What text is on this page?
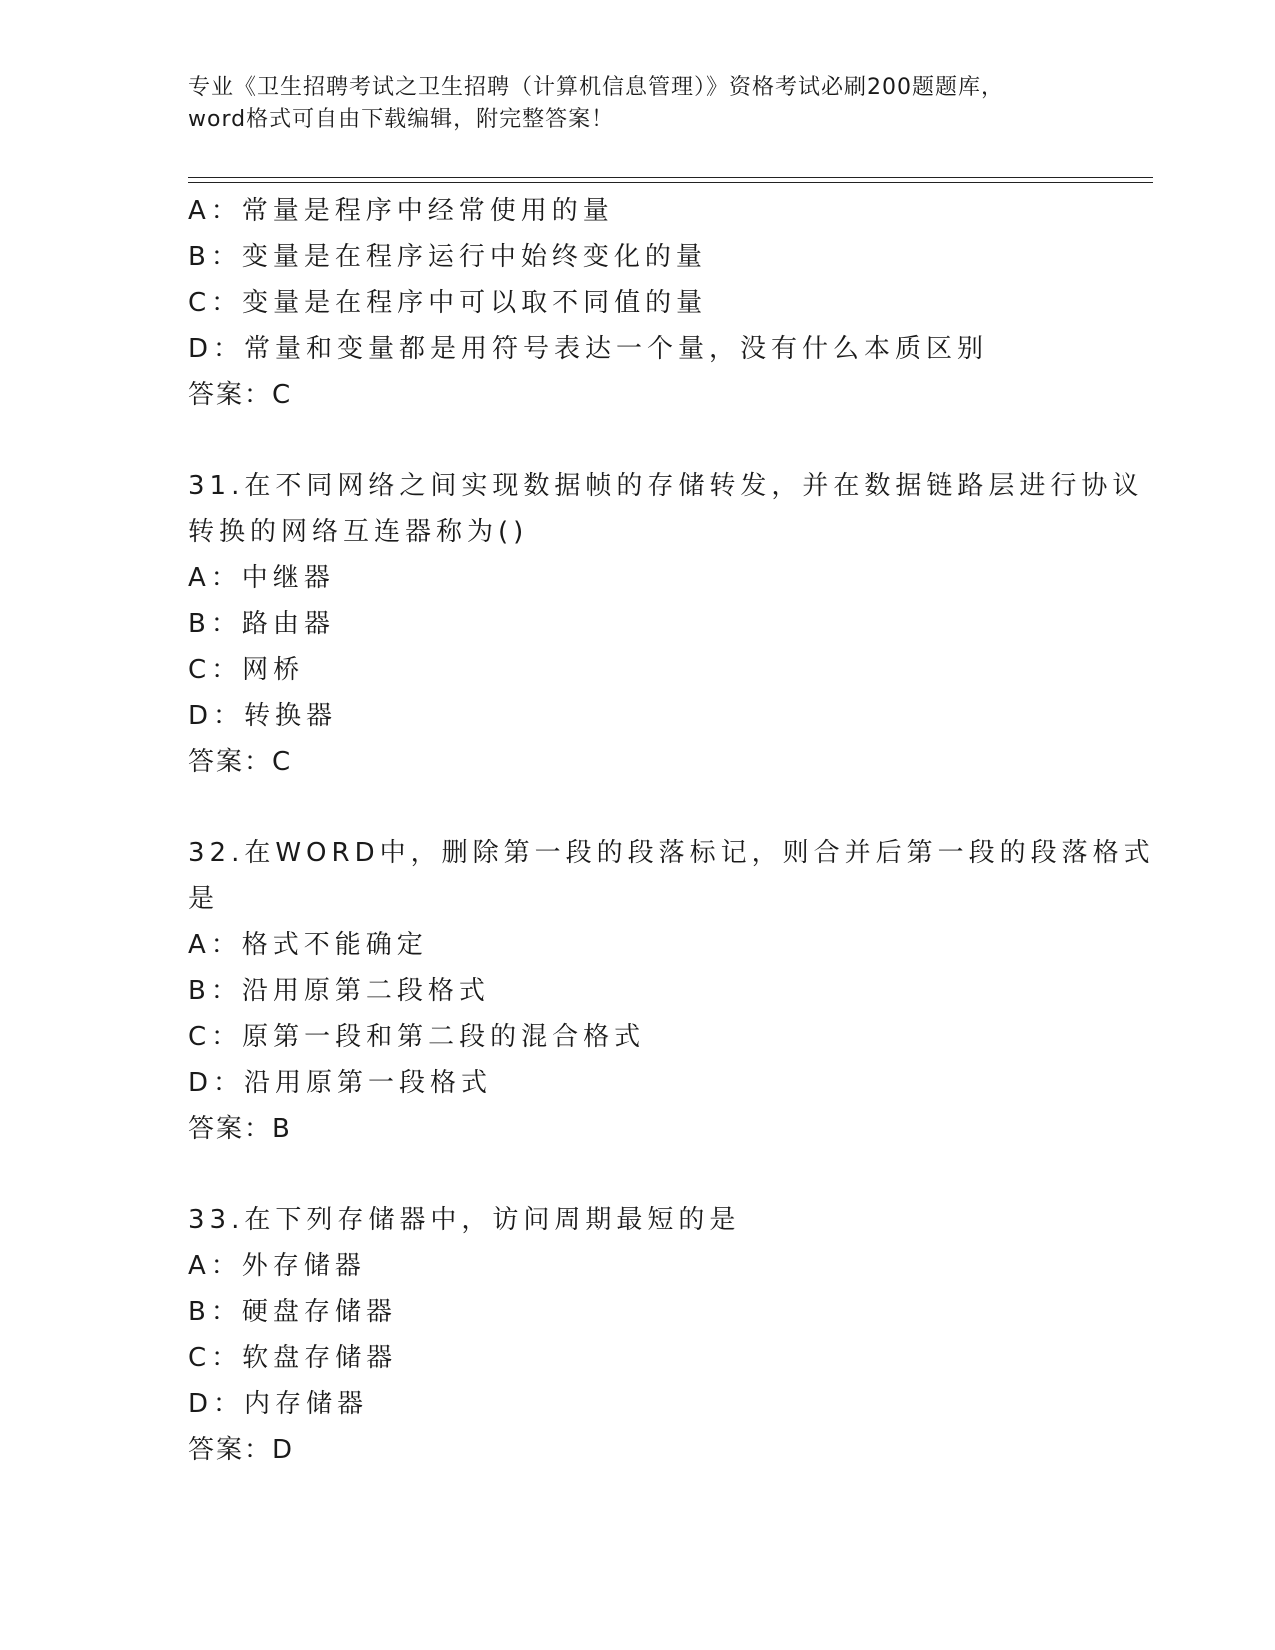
专业《卫生招聘考试之卫生招聘（计算机信息管理）》资格考试必刷200题题库，
word格式可自由下载编辑，附完整答案！
A：常量是程序中经常使用的量
B：变量是在程序运行中始终变化的量
C：变量是在程序中可以取不同值的量
D：常量和变量都是用符号表达一个量，没有什么本质区别
答案：C
31.在不同网络之间实现数据帧的存储转发，并在数据链路层进行协议
转换的网络互连器称为()
A：中继器
B：路由器
C：网桥
D：转换器
答案：C
32.在WORD中，删除第一段的段落标记，则合并后第一段的段落格式
是
A：格式不能确定
B：沿用原第二段格式
C：原第一段和第二段的混合格式
D：沿用原第一段格式
答案：B
33.在下列存储器中，访问周期最短的是
A：外存储器
B：硬盘存储器
C：软盘存储器
D：内存储器
答案：D
